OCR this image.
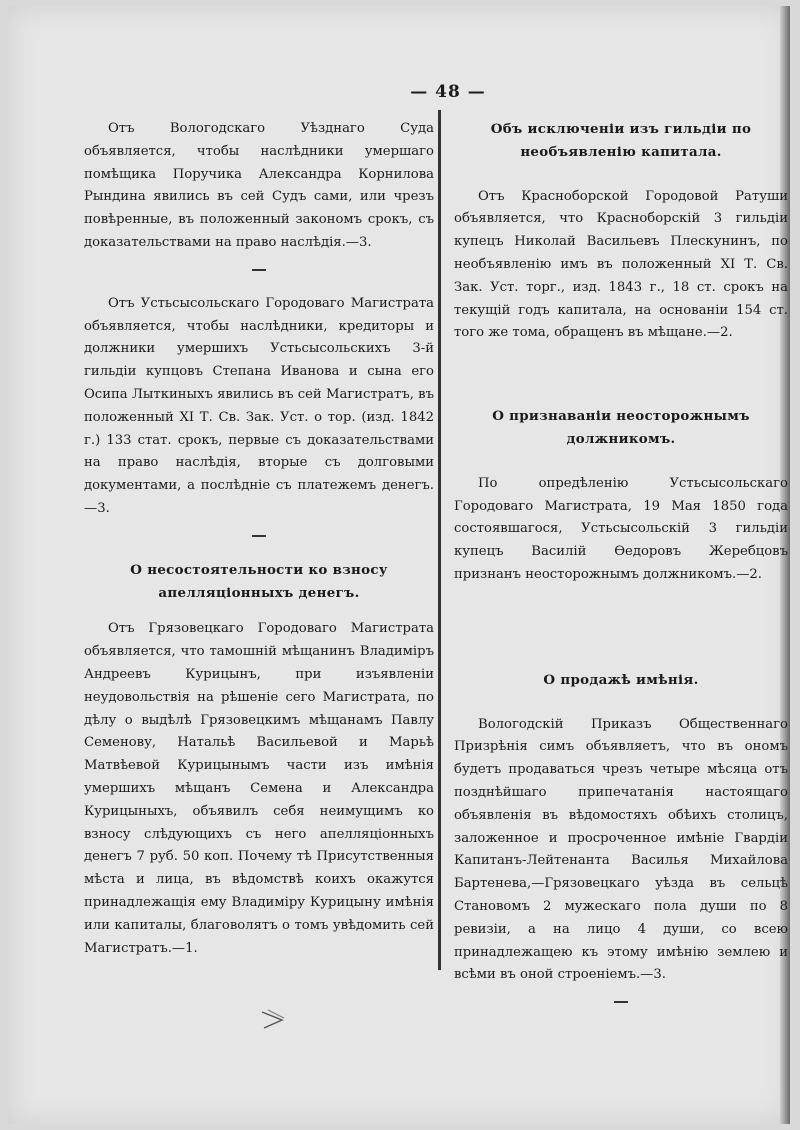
— 48 —

Отъ Вологодскаго Уѣзднаго Суда объявляется, чтобы наслѣдники умершаго помѣщика Поручика Александра Корнилова Рындина явились въ сей Судъ сами, или чрезъ повѣренные, въ положенный закономъ срокъ, съ доказательствами на право наслѣдія.—3.

Отъ Устьсысольскаго Городоваго Магистрата объявляется, чтобы наслѣдники, кредиторы и должники умершихъ Устьсысольскихъ 3-й гильдіи купцовъ Степана Иванова и сына его Осипа Лыткиныхъ явились въ сей Магистратъ, въ положенный XI Т. Св. Зак. Уст. о тор. (изд. 1842 г.) 133 стат. срокъ, первые съ доказательствами на право наслѣдія, вторые съ долговыми документами, а послѣдніе съ платежемъ денегъ.—3.

О несостоятельности ко взносу апелляціонныхъ денегъ.

Отъ Грязовецкаго Городоваго Магистрата объявляется, что тамошній мѣщанинъ Владиміръ Андреевъ Курицынъ, при изъявленіи неудовольствія на рѣшеніе сего Магистрата, по дѣлу о выдѣлѣ Грязовецкимъ мѣщанамъ Павлу Семенову, Натальѣ Васильевой и Марьѣ Матвѣевой Курицынымъ части изъ имѣнія умершихъ мѣщанъ Семена и Александра Курицыныхъ, объявилъ себя неимущимъ ко взносу слѣдующихъ съ него апелляціонныхъ денегъ 7 руб. 50 коп. Почему тѣ Присутственныя мѣста и лица, въ вѣдомствѣ коихъ окажутся принадлежащія ему Владиміру Курицыну имѣнія или капиталы, благоволятъ о томъ увѣдомить сей Магистратъ.—1.

Объ исключеніи изъ гильдіи по необъявленію капитала.

Отъ Красноборской Городовой Ратуши объявляется, что Красноборскій 3 гильдіи купецъ Николай Васильевъ Плескунинъ, по необъявленію имъ въ положенный XI Т. Св. Зак. Уст. торг., изд. 1843 г., 18 ст. срокъ на текущій годъ капитала, на основаніи 154 ст. того же тома, обращенъ въ мѣщане.—2.

О признаваніи неосторожнымъ должникомъ.

По опредѣленію Устьсысольскаго Городоваго Магистрата, 19 Мая 1850 года состоявшагося, Устьсысольскій 3 гильдіи купецъ Василій Ѳедоровъ Жеребцовъ признанъ неосторожнымъ должникомъ.—2.

О продажѣ имѣнія.

Вологодскій Приказъ Общественнаго Призрѣнія симъ объявляетъ, что въ ономъ будетъ продаваться чрезъ четыре мѣсяца отъ позднѣйшаго припечатанія настоящаго объявленія въ вѣдомостяхъ обѣихъ столицъ, заложенное и просроченное имѣніе Гвардіи Капитанъ-Лейтенанта Василья Михайлова Бартенева,—Грязовецкаго уѣзда въ сельцѣ Становомъ 2 мужескаго пола души по 8 ревизіи, а на лицо 4 души, со всею принадлежащею къ этому имѣнію землею и всѣми въ оной строеніемъ.—3.
